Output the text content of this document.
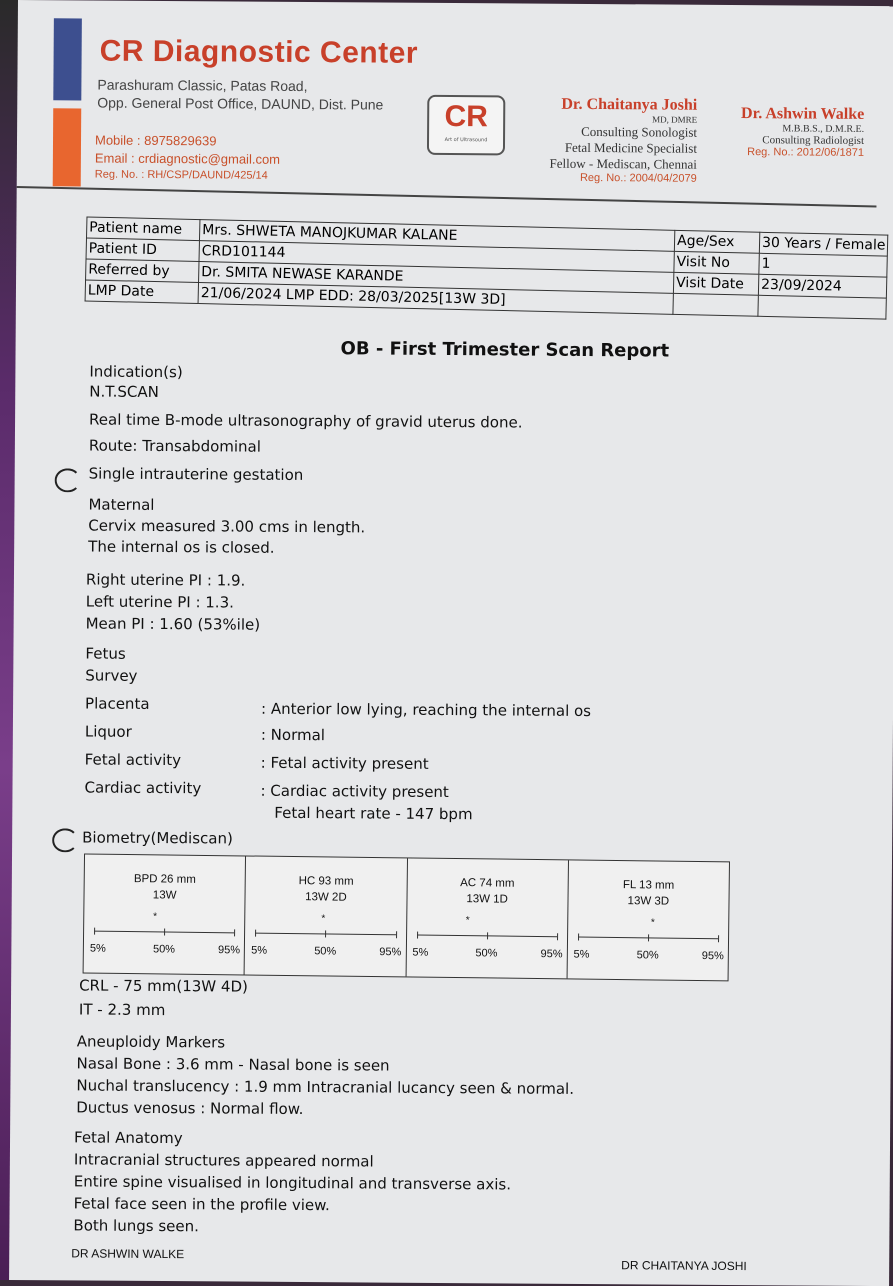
CR Diagnostic Center
Parashuram Classic, Patas Road,
Opp. General Post Office, DAUND, Dist. Pune
Mobile : 8975829639
Email : crdiagnostic@gmail.com
Reg. No. : RH/CSP/DAUND/425/14
CR
Art of Ultrasound
Dr. Chaitanya Joshi
MD, DMRE
Consulting Sonologist
Fetal Medicine Specialist
Fellow - Mediscan, Chennai
Reg. No.: 2004/04/2079
Dr. Ashwin Walke
M.B.B.S., D.M.R.E.
Consulting Radiologist
Reg. No.: 2012/06/1871
Patient name	Mrs. SHWETA MANOJKUMAR KALANE	Age/Sex	30 Years / Female
Patient ID	CRD101144	Visit No	1
Referred by	Dr. SMITA NEWASE KARANDE	Visit Date	23/09/2024
LMP Date	21/06/2024 LMP EDD: 28/03/2025[13W 3D]		
OB - First Trimester Scan Report
Indication(s)
N.T.SCAN
Real time B-mode ultrasonography of gravid uterus done.
Route: Transabdominal
Single intrauterine gestation
Maternal
Cervix measured 3.00 cms in length.
The internal os is closed.
Right uterine PI : 1.9.
Left uterine PI : 1.3.
Mean PI : 1.60 (53%ile)
Fetus
Survey
Placenta	: Anterior low lying, reaching the internal os
Liquor	: Normal
Fetal activity	: Fetal activity present
Cardiac activity	: Cardiac activity present
Fetal heart rate - 147 bpm
Biometry(Mediscan)
BPD 26 mm
13W
*
5%	50%	95%
HC 93 mm
13W 2D
*
5%	50%	95%
AC 74 mm
13W 1D
*
5%	50%	95%
FL 13 mm
13W 3D
*
5%	50%	95%
CRL - 75 mm(13W 4D)
IT - 2.3 mm
Aneuploidy Markers
Nasal Bone : 3.6 mm - Nasal bone is seen
Nuchal translucency : 1.9 mm Intracranial lucancy seen & normal.
Ductus venosus : Normal flow.
Fetal Anatomy
Intracranial structures appeared normal
Entire spine visualised in longitudinal and transverse axis.
Fetal face seen in the profile view.
Both lungs seen.
DR ASHWIN WALKE
DR CHAITANYA JOSHI
